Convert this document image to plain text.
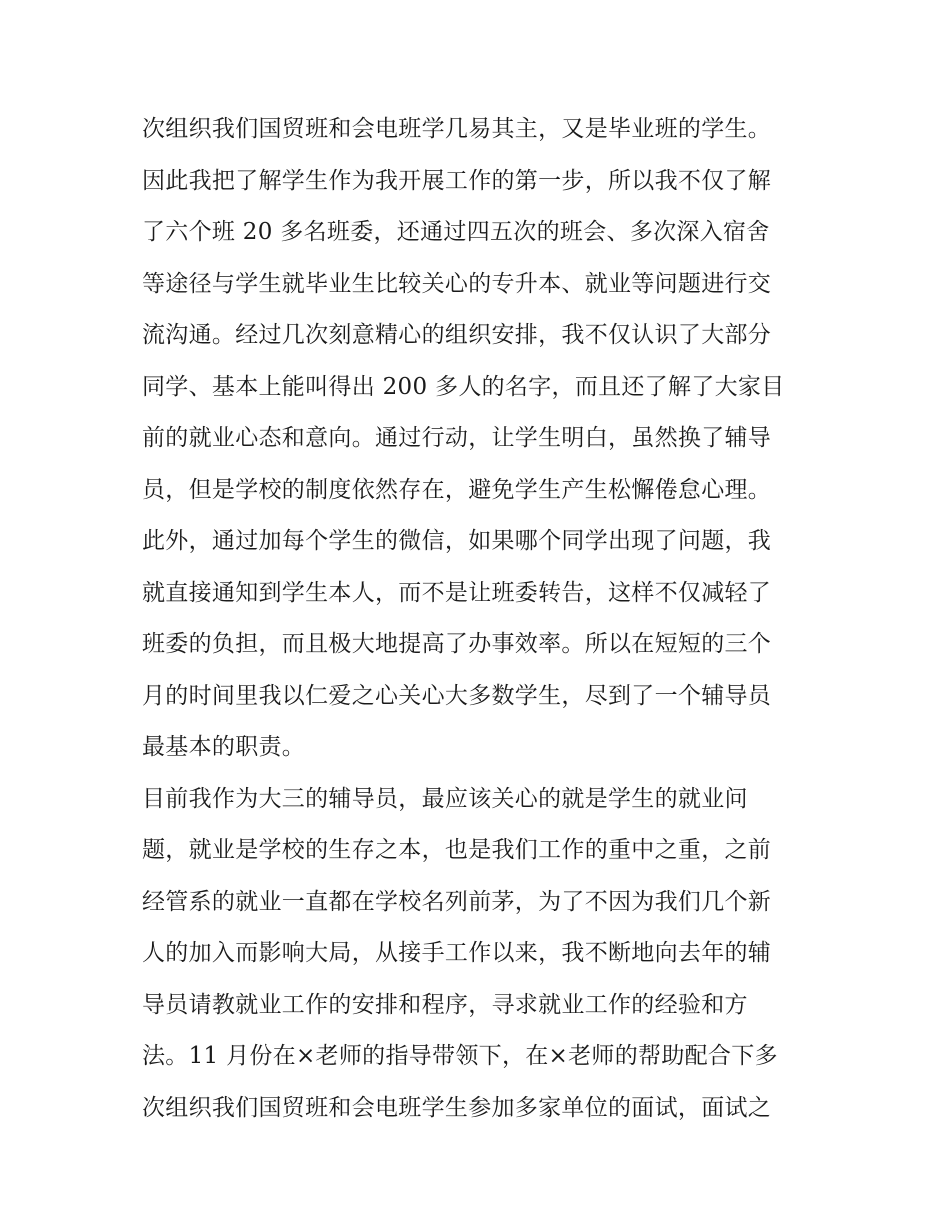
次组织我们国贸班和会电班学几易其主，又是毕业班的学生。
因此我把了解学生作为我开展工作的第一步，所以我不仅了解
了六个班 20 多名班委，还通过四五次的班会、多次深入宿舍
等途径与学生就毕业生比较关心的专升本、就业等问题进行交
流沟通。经过几次刻意精心的组织安排，我不仅认识了大部分
同学、基本上能叫得出 200 多人的名字，而且还了解了大家目
前的就业心态和意向。通过行动，让学生明白，虽然换了辅导
员，但是学校的制度依然存在，避免学生产生松懈倦怠心理。
此外，通过加每个学生的微信，如果哪个同学出现了问题，我
就直接通知到学生本人，而不是让班委转告，这样不仅减轻了
班委的负担，而且极大地提高了办事效率。所以在短短的三个
月的时间里我以仁爱之心关心大多数学生，尽到了一个辅导员
最基本的职责。
目前我作为大三的辅导员，最应该关心的就是学生的就业问
题，就业是学校的生存之本，也是我们工作的重中之重，之前
经管系的就业一直都在学校名列前茅，为了不因为我们几个新
人的加入而影响大局，从接手工作以来，我不断地向去年的辅
导员请教就业工作的安排和程序，寻求就业工作的经验和方
法。11 月份在×老师的指导带领下，在×老师的帮助配合下多
次组织我们国贸班和会电班学生参加多家单位的面试，面试之
